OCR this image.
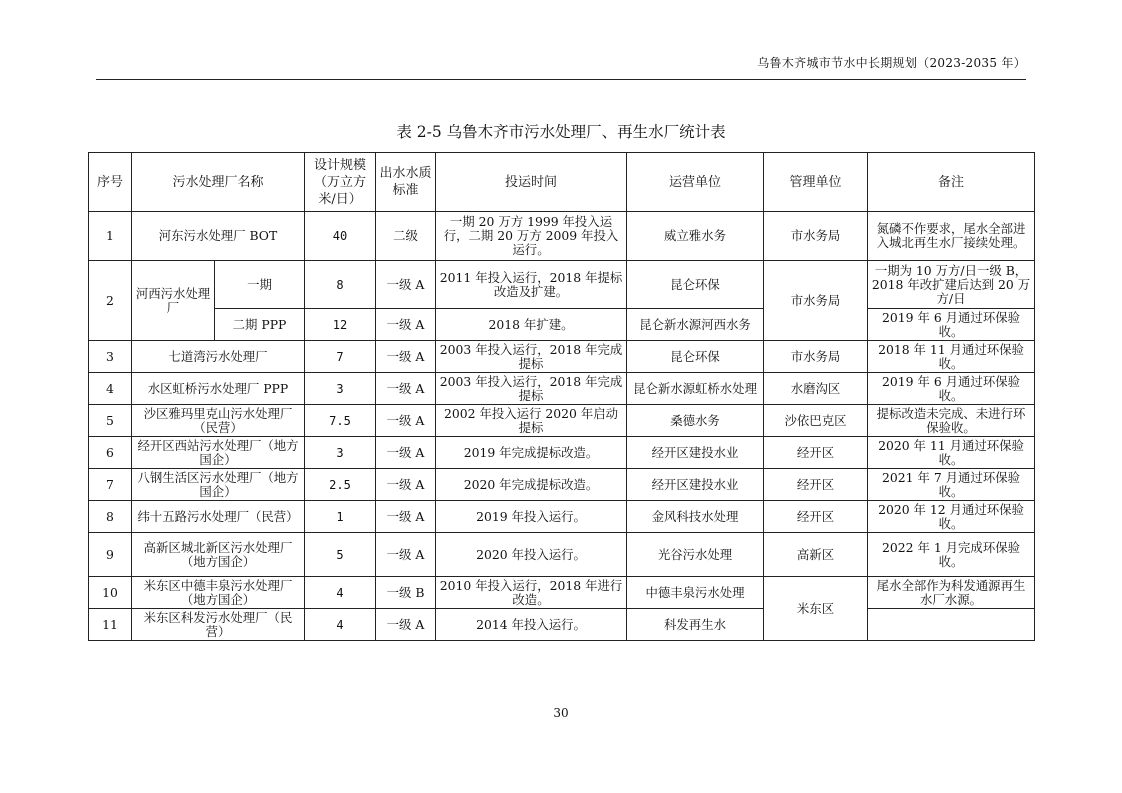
乌鲁木齐城市节水中长期规划（2023-2035 年）
表 2-5 乌鲁木齐市污水处理厂、再生水厂统计表
序号	污水处理厂名称		设计规模（万立方米/日）	出水水质标准	投运时间	运营单位	管理单位	备注
1	河东污水处理厂 BOT		40	二级	一期 20 万方 1999 年投入运行，二期 20 万方 2009 年投入运行。	威立雅水务	市水务局	氮磷不作要求，尾水全部进入城北再生水厂接续处理。
2	河西污水处理厂	一期	8	一级 A	2011 年投入运行，2018 年提标改造及扩建。	昆仑环保	市水务局	一期为 10 万方/日一级 B，2018 年改扩建后达到 20 万方/日
		二期 PPP	12	一级 A	2018 年扩建。	昆仑新水源河西水务		2019 年 6 月通过环保验收。
3	七道湾污水处理厂		7	一级 A	2003 年投入运行，2018 年完成提标	昆仑环保	市水务局	2018 年 11 月通过环保验收。
4	水区虹桥污水处理厂 PPP		3	一级 A	2003 年投入运行，2018 年完成提标	昆仑新水源虹桥水处理	水磨沟区	2019 年 6 月通过环保验收。
5	沙区雅玛里克山污水处理厂（民营）		7.5	一级 A	2002 年投入运行 2020 年启动提标	桑德水务	沙依巴克区	提标改造未完成、未进行环保验收。
6	经开区西站污水处理厂（地方国企）		3	一级 A	2019 年完成提标改造。	经开区建投水业	经开区	2020 年 11 月通过环保验收。
7	八钢生活区污水处理厂（地方国企）		2.5	一级 A	2020 年完成提标改造。	经开区建投水业	经开区	2021 年 7 月通过环保验收。
8	纬十五路污水处理厂（民营）		1	一级 A	2019 年投入运行。	金风科技水处理	经开区	2020 年 12 月通过环保验收。
9	高新区城北新区污水处理厂（地方国企）		5	一级 A	2020 年投入运行。	光谷污水处理	高新区	2022 年 1 月完成环保验收。
10	米东区中德丰泉污水处理厂（地方国企）		4	一级 B	2010 年投入运行，2018 年进行改造。	中德丰泉污水处理	米东区	尾水全部作为科发通源再生水厂水源。
11	米东区科发污水处理厂（民营）		4	一级 A	2014 年投入运行。	科发再生水		
30
